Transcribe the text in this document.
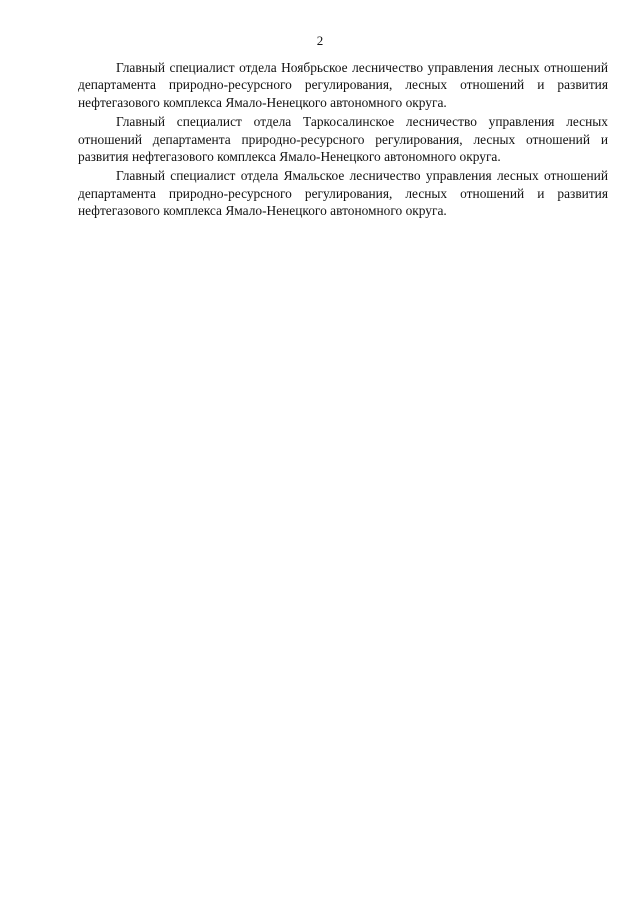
2

Главный специалист отдела Ноябрьское лесничество управления лесных отношений департамента природно-ресурсного регулирования, лесных отношений и развития нефтегазового комплекса Ямало-Ненецкого автономного округа.

Главный специалист отдела Таркосалинское лесничество управления лесных отношений департамента природно-ресурсного регулирования, лесных отношений и развития нефтегазового комплекса Ямало-Ненецкого автономного округа.

Главный специалист отдела Ямальское лесничество управления лесных отношений департамента природно-ресурсного регулирования, лесных отношений и развития нефтегазового комплекса Ямало-Ненецкого автономного округа.
